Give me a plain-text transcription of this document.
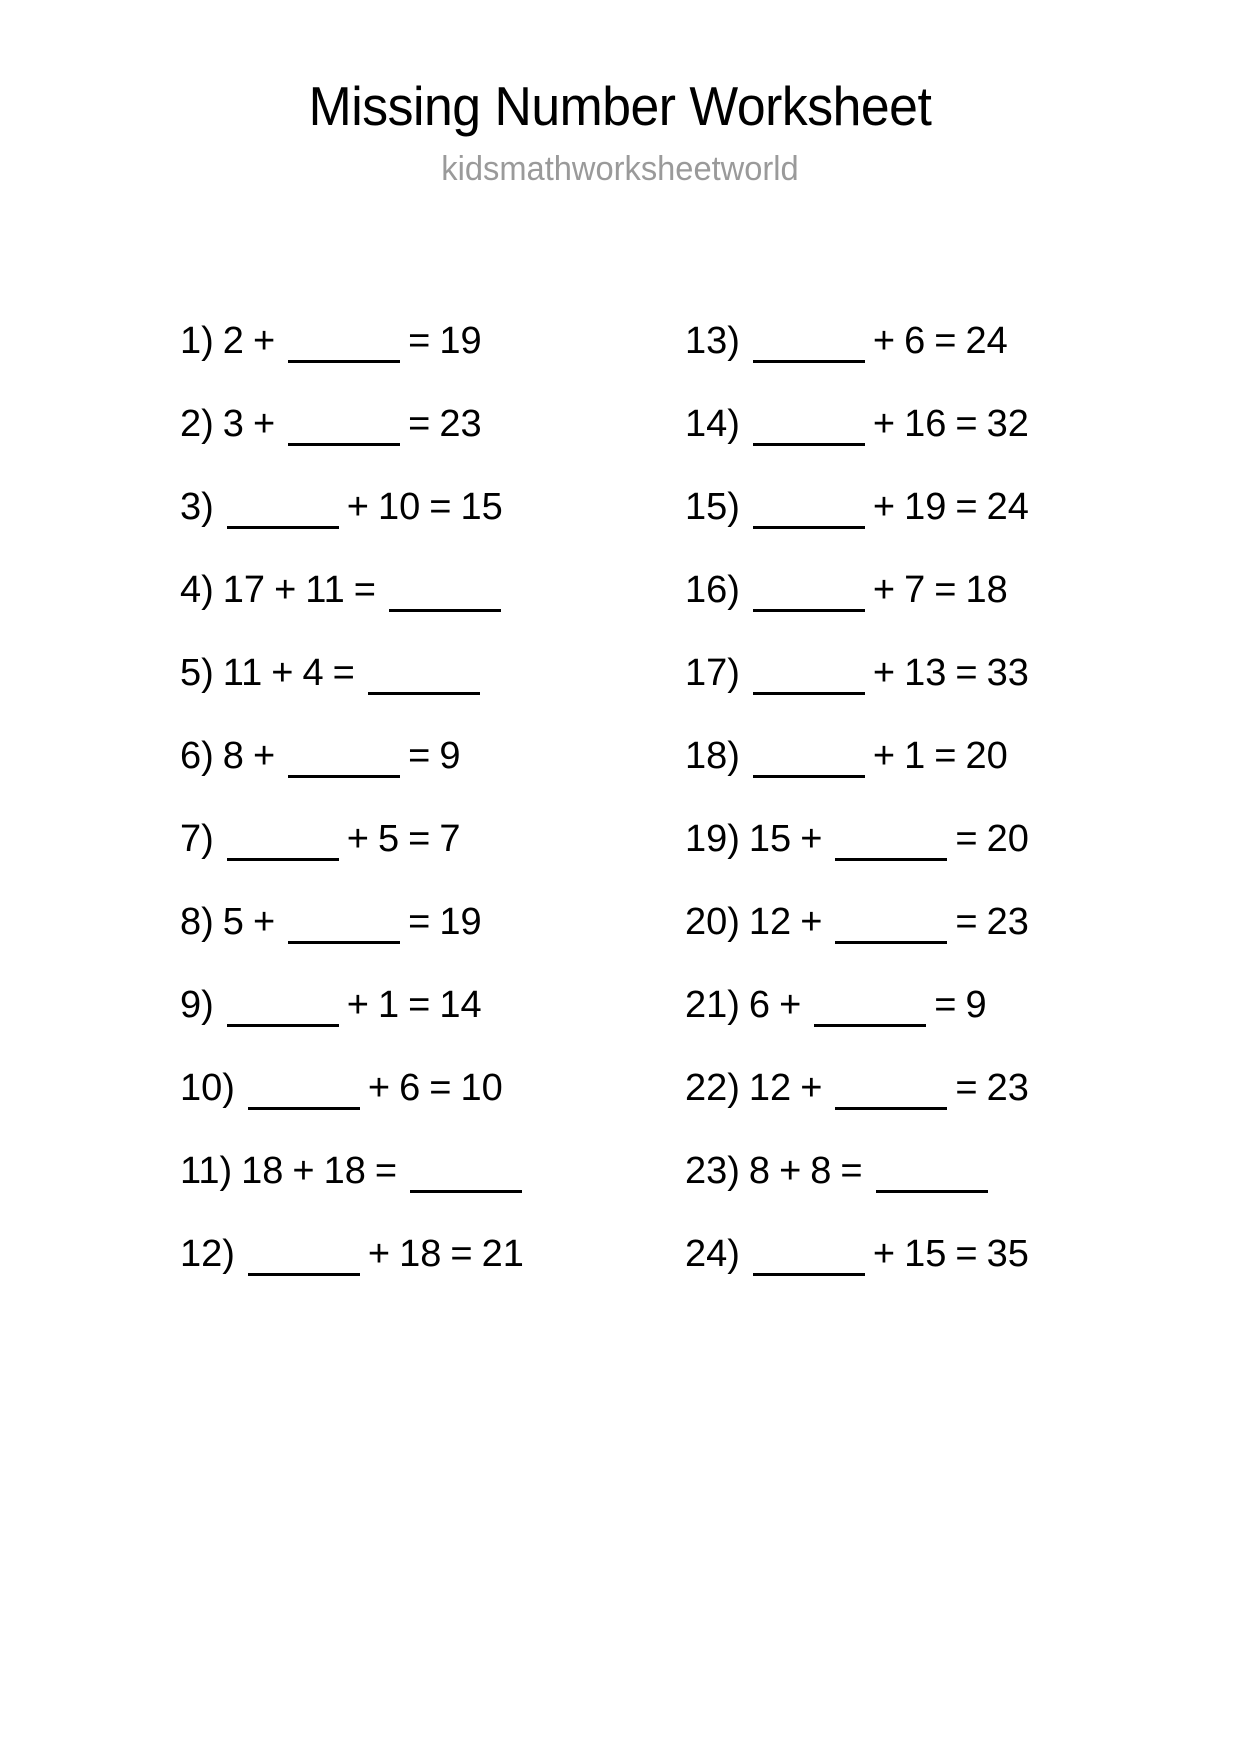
Missing Number Worksheet
kidsmathworksheetworld
1) 2 +	= 19
2) 3 +	= 23
3)	+ 10 = 15
4) 17 + 11 =
5) 11 + 4 =
6) 8 +	= 9
7)	+ 5 = 7
8) 5 +	= 19
9)	+ 1 = 14
10)	+ 6 = 10
11) 18 + 18 =
12)	+ 18 = 21
13)	+ 6 = 24
14)	+ 16 = 32
15)	+ 19 = 24
16)	+ 7 = 18
17)	+ 13 = 33
18)	+ 1 = 20
19) 15 +	= 20
20) 12 +	= 23
21) 6 +	= 9
22) 12 +	= 23
23) 8 + 8 =
24)	+ 15 = 35
